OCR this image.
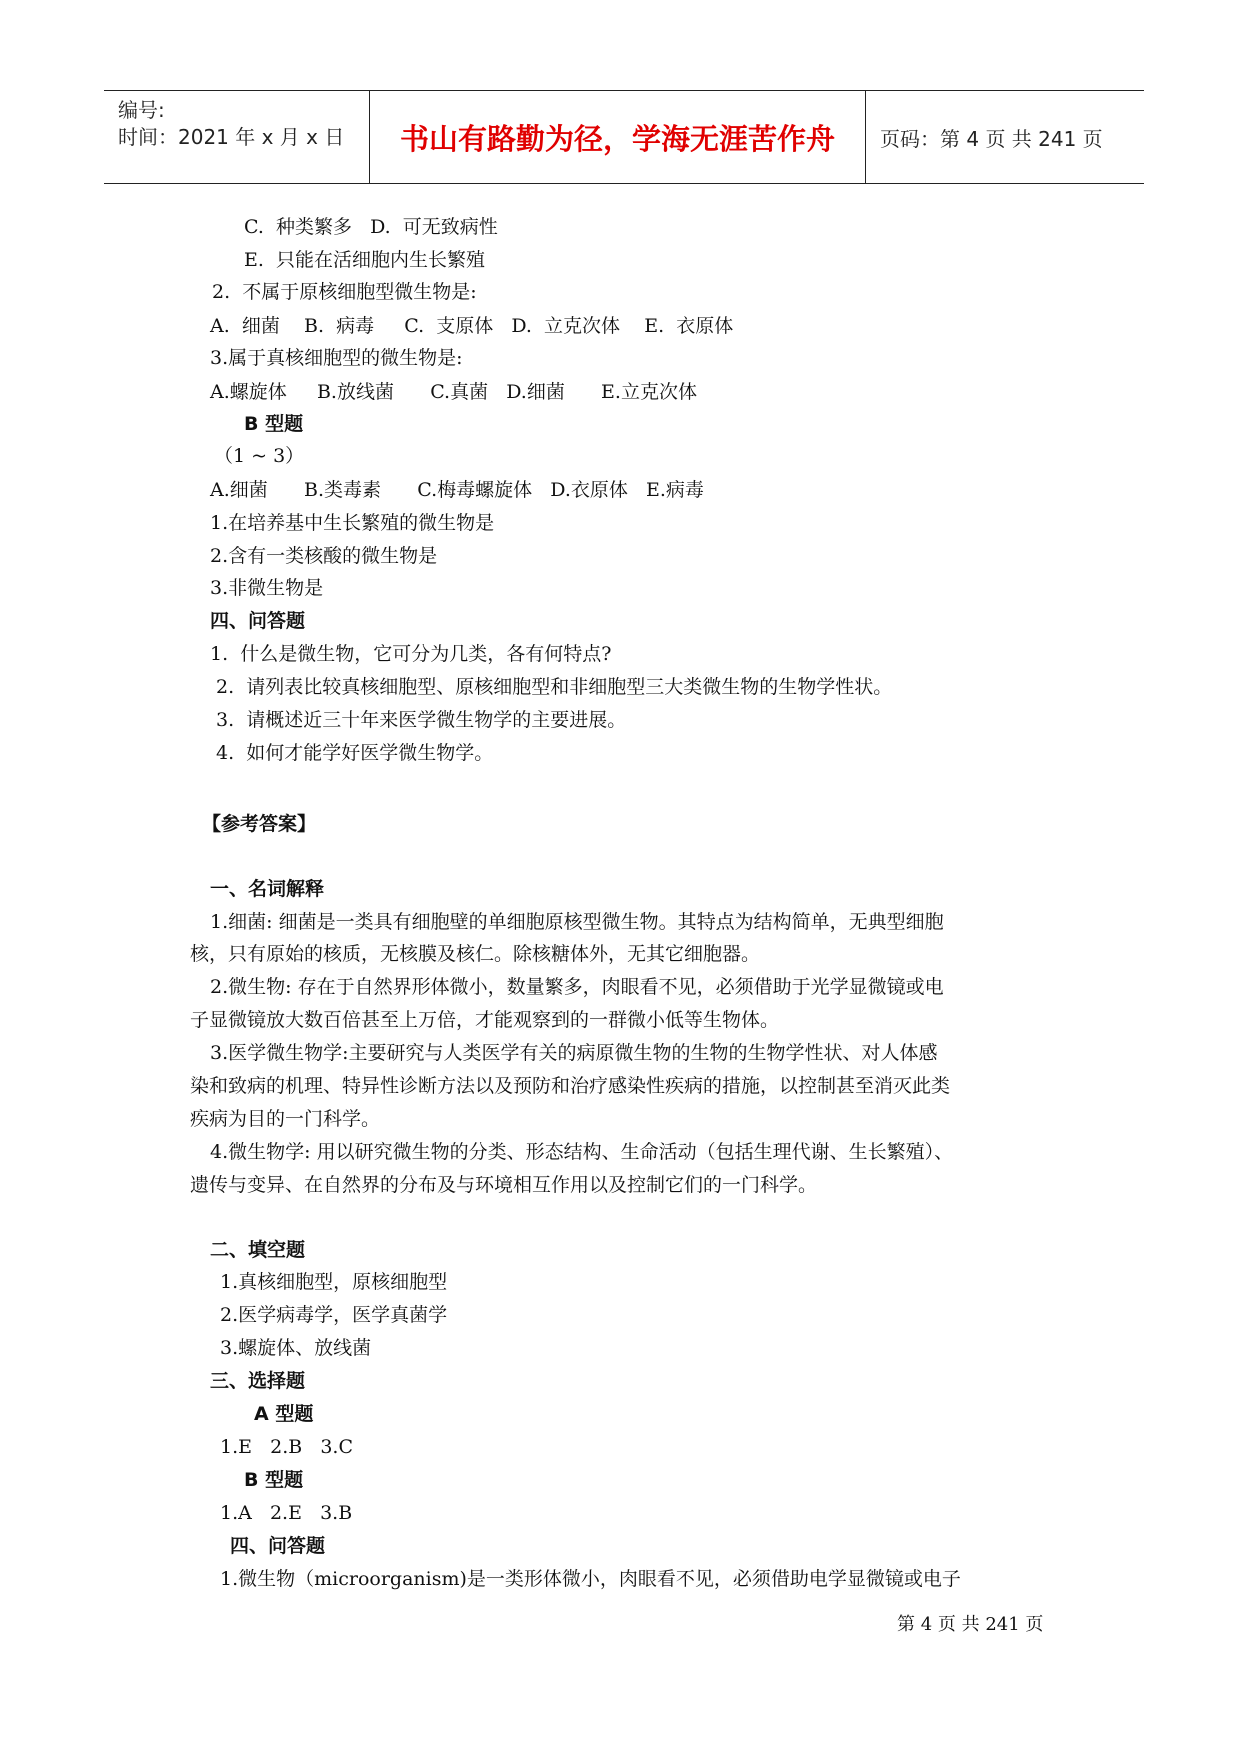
编号:
时间：2021 年 x 月 x 日	书山有路勤为径，学海无涯苦作舟	页码：第 4 页 共 241 页
C.  种类繁多   D.  可无致病性
E.  只能在活细胞内生长繁殖
2.  不属于原核细胞型微生物是:
A.  细菌    B.  病毒     C.  支原体   D.  立克次体    E.  衣原体
3.属于真核细胞型的微生物是:
A.螺旋体     B.放线菌      C.真菌   D.细菌      E.立克次体
B 型题
（1 ~ 3）
A.细菌      B.类毒素      C.梅毒螺旋体   D.衣原体   E.病毒
1.在培养基中生长繁殖的微生物是
2.含有一类核酸的微生物是
3.非微生物是
四、问答题
1.  什么是微生物，它可分为几类，各有何特点?
2.  请列表比较真核细胞型、原核细胞型和非细胞型三大类微生物的生物学性状。
3.  请概述近三十年来医学微生物学的主要进展。
4.  如何才能学好医学微生物学。
【参考答案】
一、名词解释
1.细菌: 细菌是一类具有细胞壁的单细胞原核型微生物。其特点为结构简单，无典型细胞
核，只有原始的核质，无核膜及核仁。除核糖体外，无其它细胞器。
2.微生物: 存在于自然界形体微小，数量繁多，肉眼看不见，必须借助于光学显微镜或电
子显微镜放大数百倍甚至上万倍，才能观察到的一群微小低等生物体。
3.医学微生物学:主要研究与人类医学有关的病原微生物的生物的生物学性状、对人体感
染和致病的机理、特异性诊断方法以及预防和治疗感染性疾病的措施，以控制甚至消灭此类
疾病为目的一门科学。
4.微生物学: 用以研究微生物的分类、形态结构、生命活动（包括生理代谢、生长繁殖）、
遗传与变异、在自然界的分布及与环境相互作用以及控制它们的一门科学。
二、填空题
1.真核细胞型，原核细胞型
2.医学病毒学，医学真菌学
3.螺旋体、放线菌
三、选择题
A 型题
1.E   2.B   3.C
B 型题
1.A   2.E   3.B
四、问答题
1.微生物（microorganism)是一类形体微小，肉眼看不见，必须借助电学显微镜或电子
第 4 页 共 241 页
